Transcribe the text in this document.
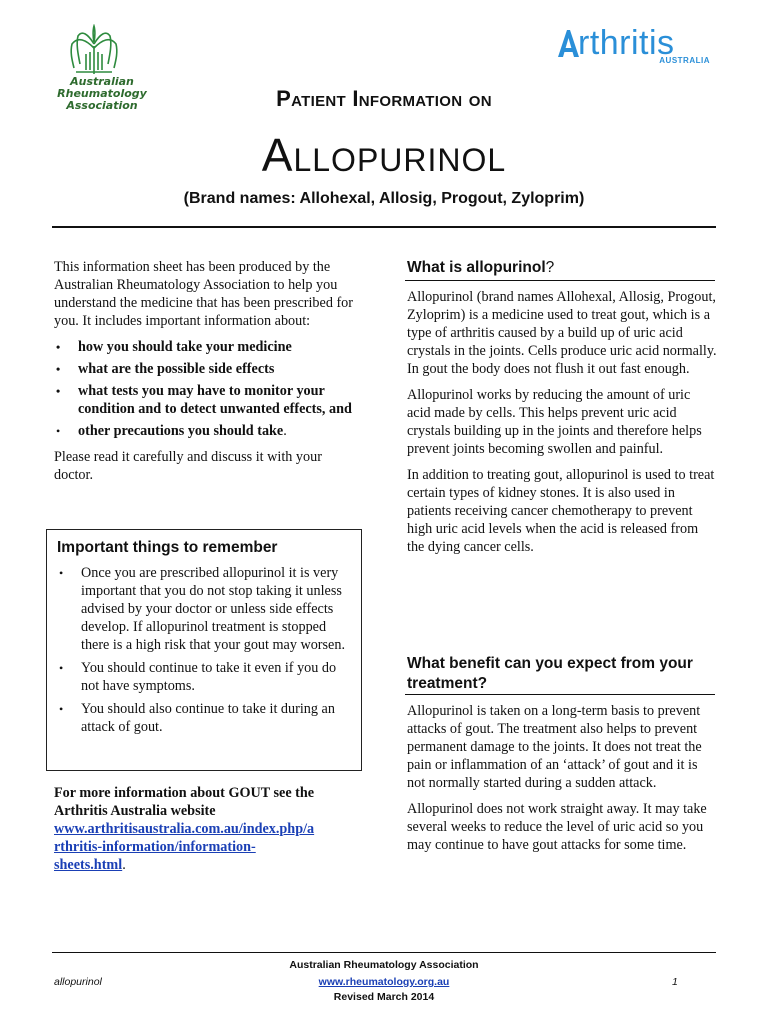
Australian
Rheumatology
Association
rthritis
AUSTRALIA
Patient Information on
Allopurinol
(Brand names: Allohexal, Allosig, Progout, Zyloprim)

This information sheet has been produced by the Australian Rheumatology Association to help you understand the medicine that has been prescribed for you. It includes important information about:

• how you should take your medicine
• what are the possible side effects
• what tests you may have to monitor your condition and to detect unwanted effects, and
• other precautions you should take.

Please read it carefully and discuss it with your doctor.

Important things to remember
• Once you are prescribed allopurinol it is very important that you do not stop taking it unless advised by your doctor or unless side effects develop. If allopurinol treatment is stopped there is a high risk that your gout may worsen.
• You should continue to take it even if you do not have symptoms.
• You should also continue to take it during an attack of gout.
For more information about GOUT see the Arthritis Australia website
www.arthritisaustralia.com.au/index.php/a
rthritis-information/information-
sheets.html.
What is allopurinol?

Allopurinol (brand names Allohexal, Allosig, Progout, Zyloprim) is a medicine used to treat gout, which is a type of arthritis caused by a build up of uric acid crystals in the joints. Cells produce uric acid normally. In gout the body does not flush it out fast enough.

Allopurinol works by reducing the amount of uric acid made by cells. This helps prevent uric acid crystals building up in the joints and therefore helps prevent joints becoming swollen and painful.

In addition to treating gout, allopurinol is used to treat certain types of kidney stones. It is also used in patients receiving cancer chemotherapy to prevent high uric acid levels when the acid is released from the dying cancer cells.

What benefit can you expect from your treatment?

Allopurinol is taken on a long-term basis to prevent attacks of gout. The treatment also helps to prevent permanent damage to the joints. It does not treat the pain or inflammation of an ‘attack’ of gout and it is not normally started during a sudden attack.

Allopurinol does not work straight away. It may take several weeks to reduce the level of uric acid so you may continue to have gout attacks for some time.

Australian Rheumatology Association
allopurinol	www.rheumatology.org.au	1
Revised March 2014
